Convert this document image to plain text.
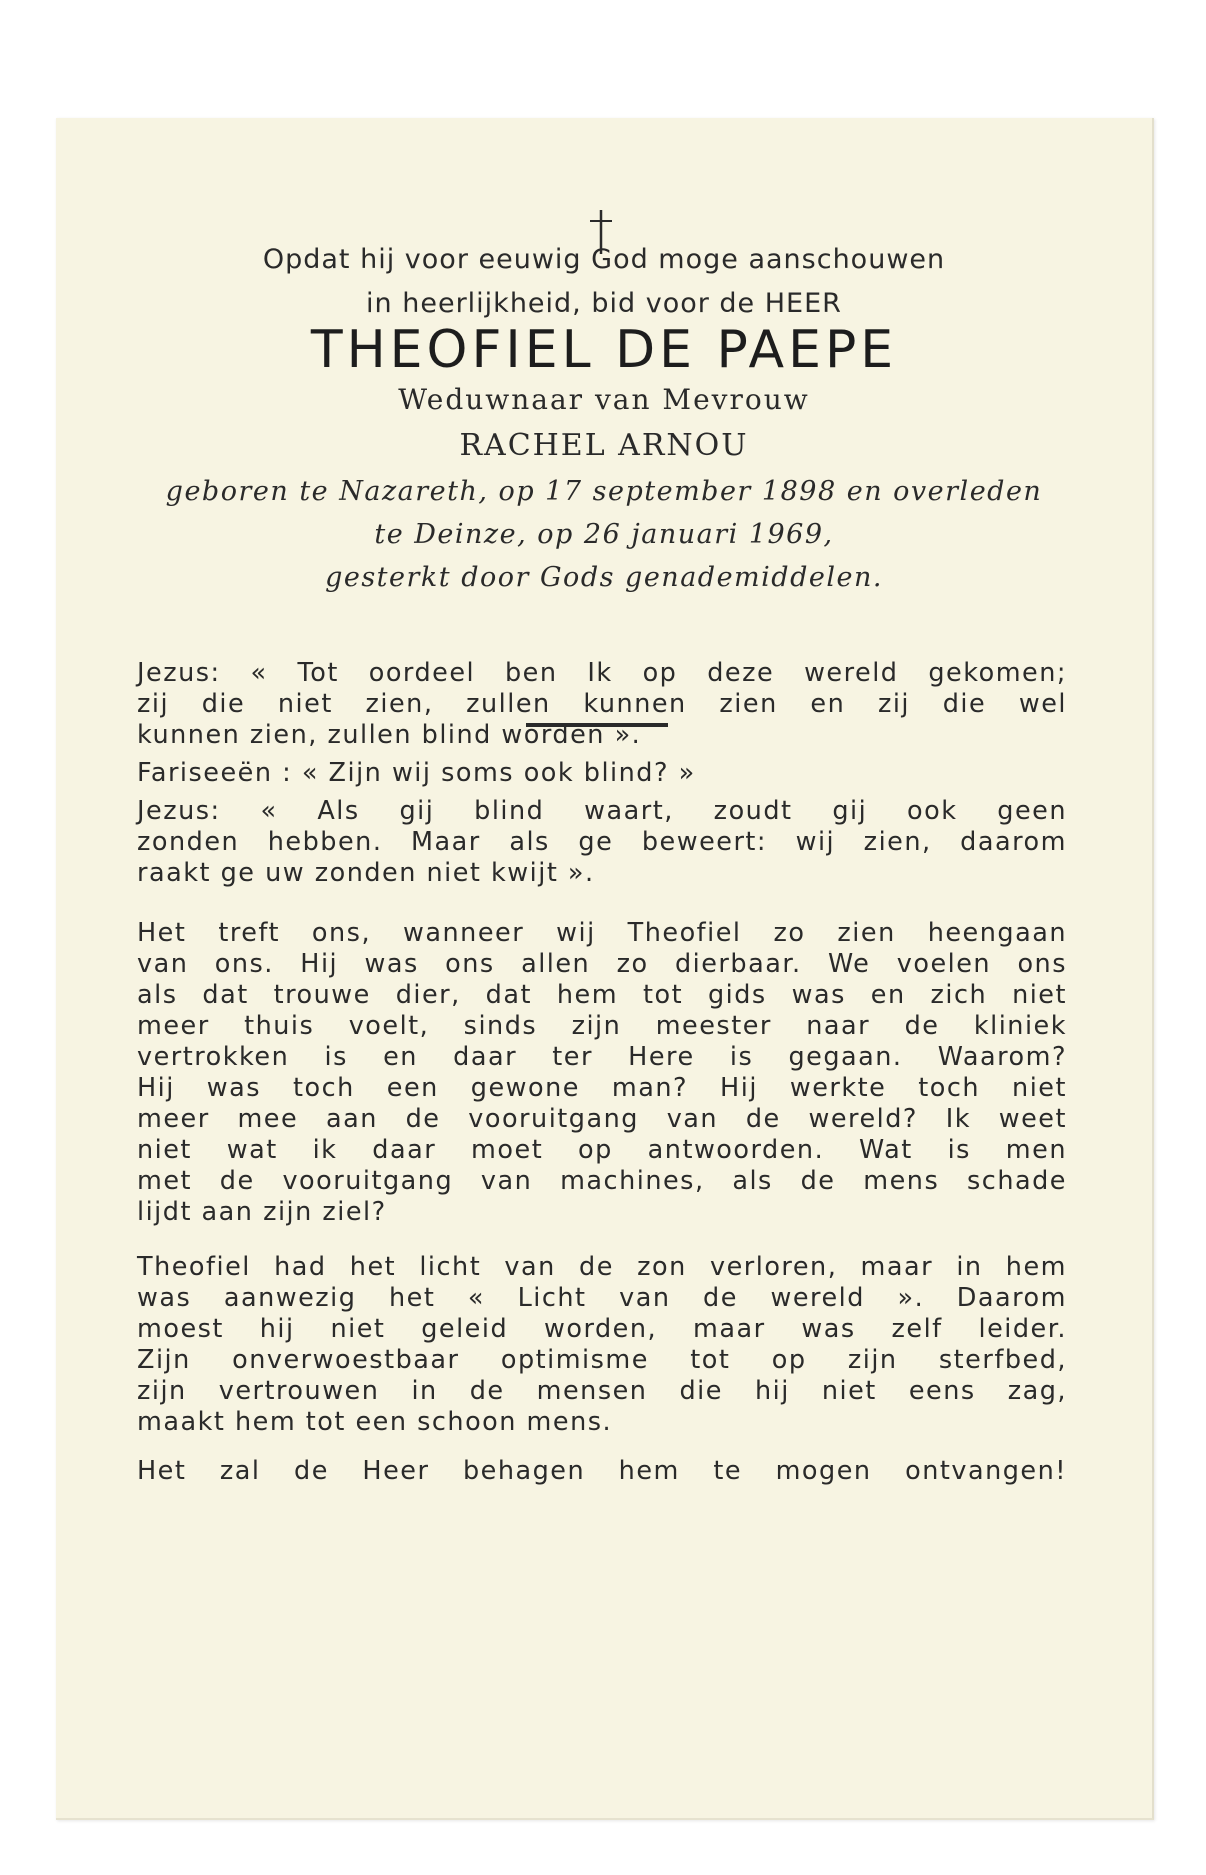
Opdat hij voor eeuwig God moge aanschouwen
in heerlijkheid, bid voor de HEER
THEOFIEL DE PAEPE
Weduwnaar van Mevrouw
RACHEL ARNOU
geboren te Nazareth, op 17 september 1898 en overleden
te Deinze, op 26 januari 1969,
gesterkt door Gods genademiddelen.
Jezus: « Tot oordeel ben Ik op deze wereld gekomen;
zij die niet zien, zullen kunnen zien en zij die wel
kunnen zien, zullen blind worden ».
Fariseeën : « Zijn wij soms ook blind? »
Jezus: « Als gij blind waart, zoudt gij ook geen
zonden hebben. Maar als ge beweert: wij zien, daarom
raakt ge uw zonden niet kwijt ».
Het treft ons, wanneer wij Theofiel zo zien heengaan
van ons. Hij was ons allen zo dierbaar. We voelen ons
als dat trouwe dier, dat hem tot gids was en zich niet
meer thuis voelt, sinds zijn meester naar de kliniek
vertrokken is en daar ter Here is gegaan. Waarom?
Hij was toch een gewone man? Hij werkte toch niet
meer mee aan de vooruitgang van de wereld? Ik weet
niet wat ik daar moet op antwoorden. Wat is men
met de vooruitgang van machines, als de mens schade
lijdt aan zijn ziel?
Theofiel had het licht van de zon verloren, maar in hem
was aanwezig het « Licht van de wereld ». Daarom
moest hij niet geleid worden, maar was zelf leider.
Zijn onverwoestbaar optimisme tot op zijn sterfbed,
zijn vertrouwen in de mensen die hij niet eens zag,
maakt hem tot een schoon mens.
Het zal de Heer behagen hem te mogen ontvangen!
